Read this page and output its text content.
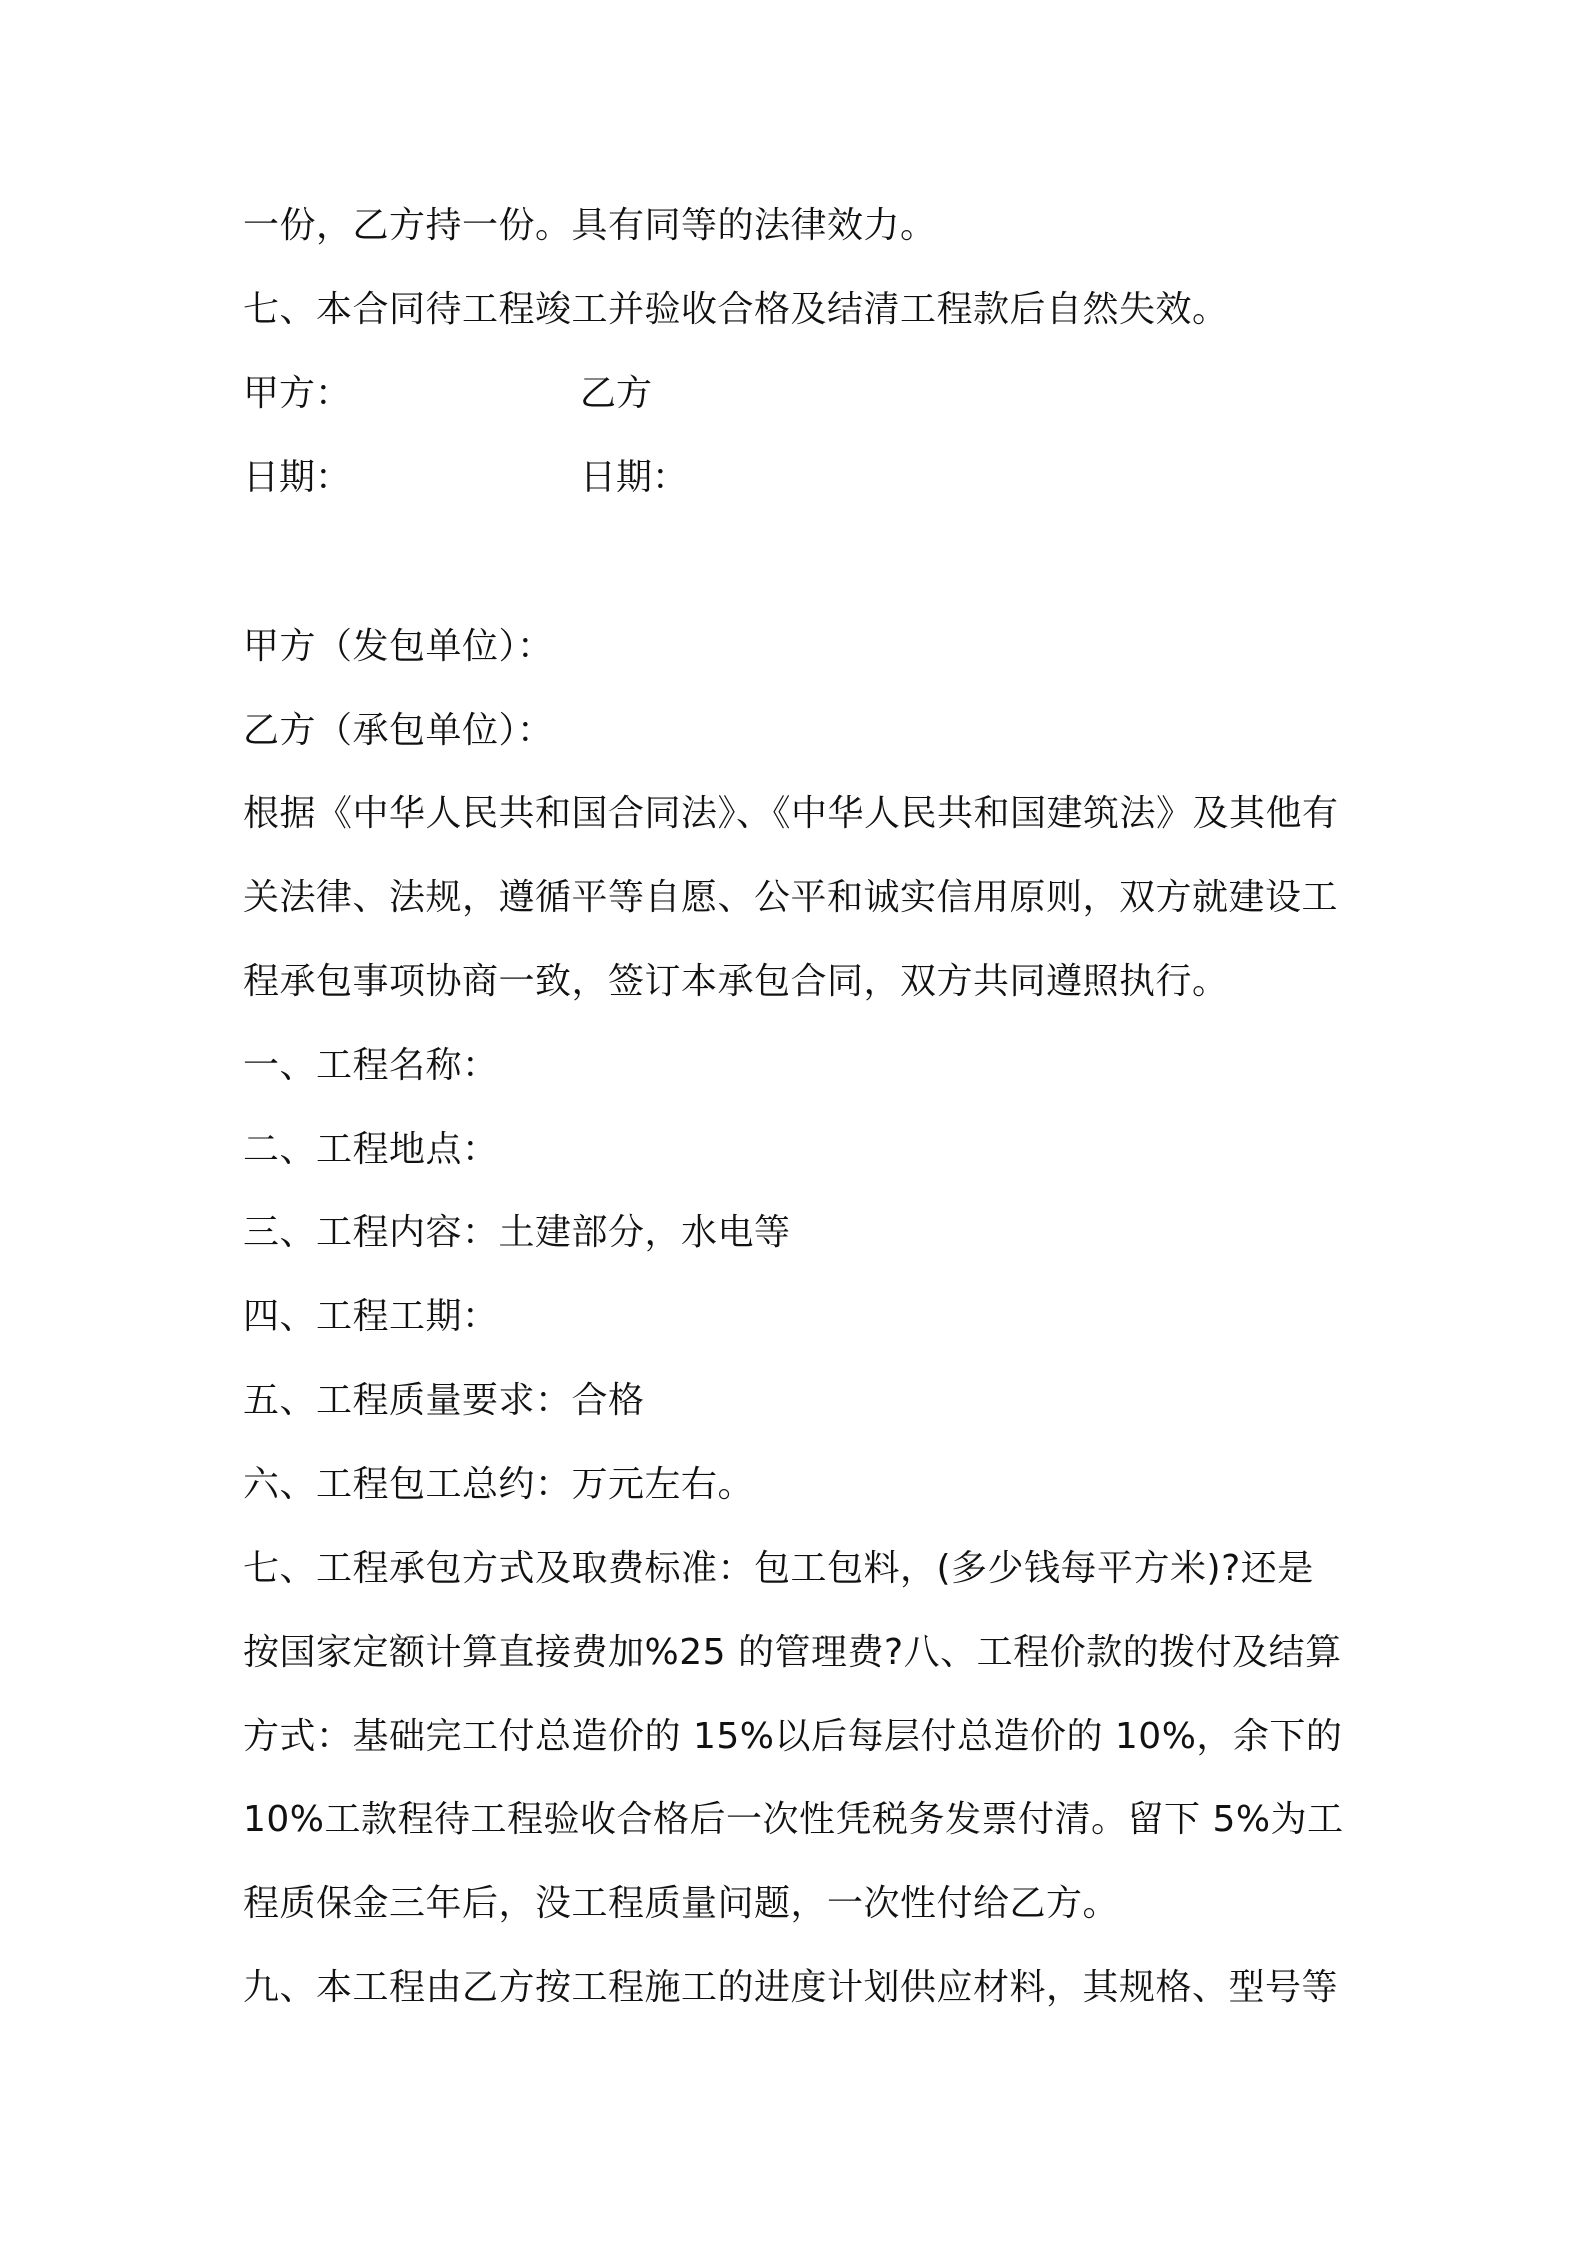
一份，乙方持一份。具有同等的法律效力。
七、本合同待工程竣工并验收合格及结清工程款后自然失效。
甲方：	乙方
日期：	日期：
甲方（发包单位）：
乙方（承包单位）：
根据《中华人民共和国合同法》、《中华人民共和国建筑法》及其他有
关法律、法规，遵循平等自愿、公平和诚实信用原则，双方就建设工
程承包事项协商一致，签订本承包合同，双方共同遵照执行。
一、工程名称：
二、工程地点：
三、工程内容：土建部分，水电等
四、工程工期：
五、工程质量要求：合格
六、工程包工总约：万元左右。
七、工程承包方式及取费标准：包工包料，(多少钱每平方米)?还是
按国家定额计算直接费加%25 的管理费?八、工程价款的拨付及结算
方式：基础完工付总造价的 15%以后每层付总造价的 10%，余下的
10%工款程待工程验收合格后一次性凭税务发票付清。留下 5%为工
程质保金三年后，没工程质量问题，一次性付给乙方。
九、本工程由乙方按工程施工的进度计划供应材料，其规格、型号等
